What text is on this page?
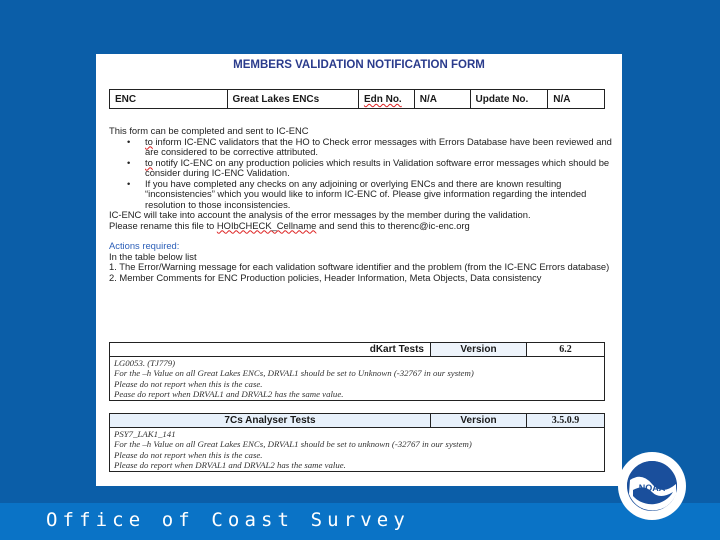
MEMBERS VALIDATION NOTIFICATION FORM
ENC	Great Lakes ENCs	Edn No.	N/A	Update No.	N/A

This form can be completed and sent to IC-ENC

• to inform IC-ENC validators that the HO to Check error messages with Errors Database have been reviewed and are considered to be corrective attributed.

• to notify IC-ENC on any production policies which results in Validation software error messages which should be consider during IC-ENC Validation.

• If you have completed any checks on any adjoining or overlying ENCs and there are known resulting “inconsistencies” which you would like to inform IC-ENC of. Please give information regarding the intended resolution to those inconsistencies.

IC-ENC will take into account the analysis of the error messages by the member during the validation.

Please rename this file to HOIbCHECK_Cellname and send this to therenc@ic-enc.org

Actions required:

In the table below list

1. The Error/Warning message for each validation software identifier and the problem (from the IC-ENC Errors database)

2. Member Comments for ENC Production policies, Header Information, Meta Objects, Data consistency

dKart Tests	Version	6.2
LG0053. (TJ779)
For the –h Value on all Great Lakes ENCs, DRVAL1 should be set to Unknown (-32767 in our system)
Please do not report when this is the case.
Pease do report when DRVAL1 and DRVAL2 has the same value.
7Cs Analyser Tests	Version	3.5.0.9
PSY7_LAK1_141
For the –h Value on all Great Lakes ENCs, DRVAL1 should be set to unknown (-32767 in our system)
Please do not report when this is the case.
Please do report when DRVAL1 and DRVAL2 has the same value.
Office of Coast Survey
NOAA
